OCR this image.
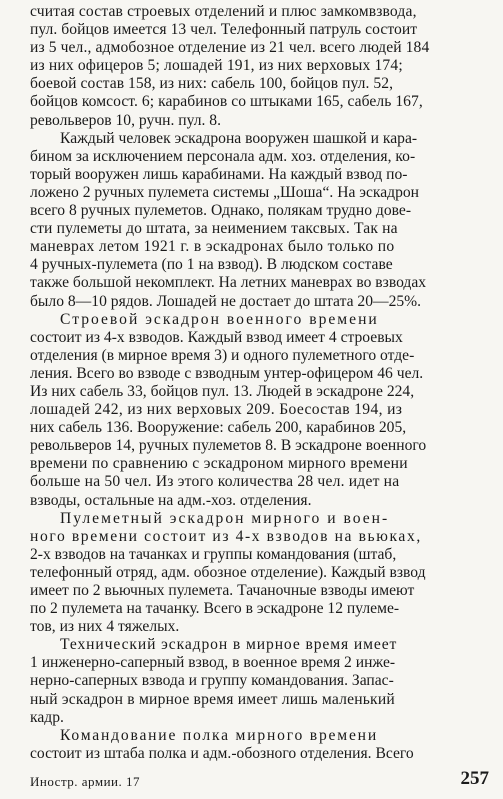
считая состав строевых отделений и плюс замкомвзвода,
пул. бойцов имеется 13 чел. Телефонный патруль состоит
из 5 чел., адмобозное отделение из 21 чел. всего людей 184
из них офицеров 5; лошадей 191, из них верховых 174;
боевой состав 158, из них: сабель 100, бойцов пул. 52,
бойцов комсост. 6; карабинов со штыками 165, сабель 167,
револьверов 10, ручн. пул. 8.
Каждый человек эскадрона вооружен шашкой и кара-
бином за исключением персонала адм. хоз. отделения, ко-
торый вооружен лишь карабинами. На каждый взвод по-
ложено 2 ручных пулемета системы „Шоша“. На эскадрон
всего 8 ручных пулеметов. Однако, полякам трудно дове-
сти пулеметы до штата, за неимением таксвых. Так на
маневрах летом 1921 г. в эскадронах было только по
4 ручных-пулемета (по 1 на взвод). В людском составе
также большой некомплект. На летних маневрах во взводах
было 8—10 рядов. Лошадей не достает до штата 20—25%.
Строевой эскадрон военного времени
состоит из 4-х взводов. Каждый взвод имеет 4 строевых
отделения (в мирное время 3) и одного пулеметного отде-
ления. Всего во взводе с взводным унтер-офицером 46 чел.
Из них сабель 33, бойцов пул. 13. Людей в эскадроне 224,
лошадей 242, из них верховых 209. Боесостав 194, из
них сабель 136. Вооружение: сабель 200, карабинов 205,
револьверов 14, ручных пулеметов 8. В эскадроне военного
времени по сравнению с эскадроном мирного времени
больше на 50 чел. Из этого количества 28 чел. идет на
взводы, остальные на адм.-хоз. отделения.
Пулеметный эскадрон мирного и воен-
ного времени состоит из 4-х взводов на вьюках,
2-х взводов на тачанках и группы командования (штаб,
телефонный отряд, адм. обозное отделение). Каждый взвод
имеет по 2 вьючных пулемета. Тачаночные взводы имеют
по 2 пулемета на тачанку. Всего в эскадроне 12 пулеме-
тов, из них 4 тяжелых.
Технический эскадрон в мирное время имеет
1 инженерно-саперный взвод, в военное время 2 инже-
нерно-саперных взвода и группу командования. Запас-
ный эскадрон в мирное время имеет лишь маленький
кадр.
Командование полка мирного времени
состоит из штаба полка и адм.-обозного отделения. Всего
Иностр. армии. 17	257
